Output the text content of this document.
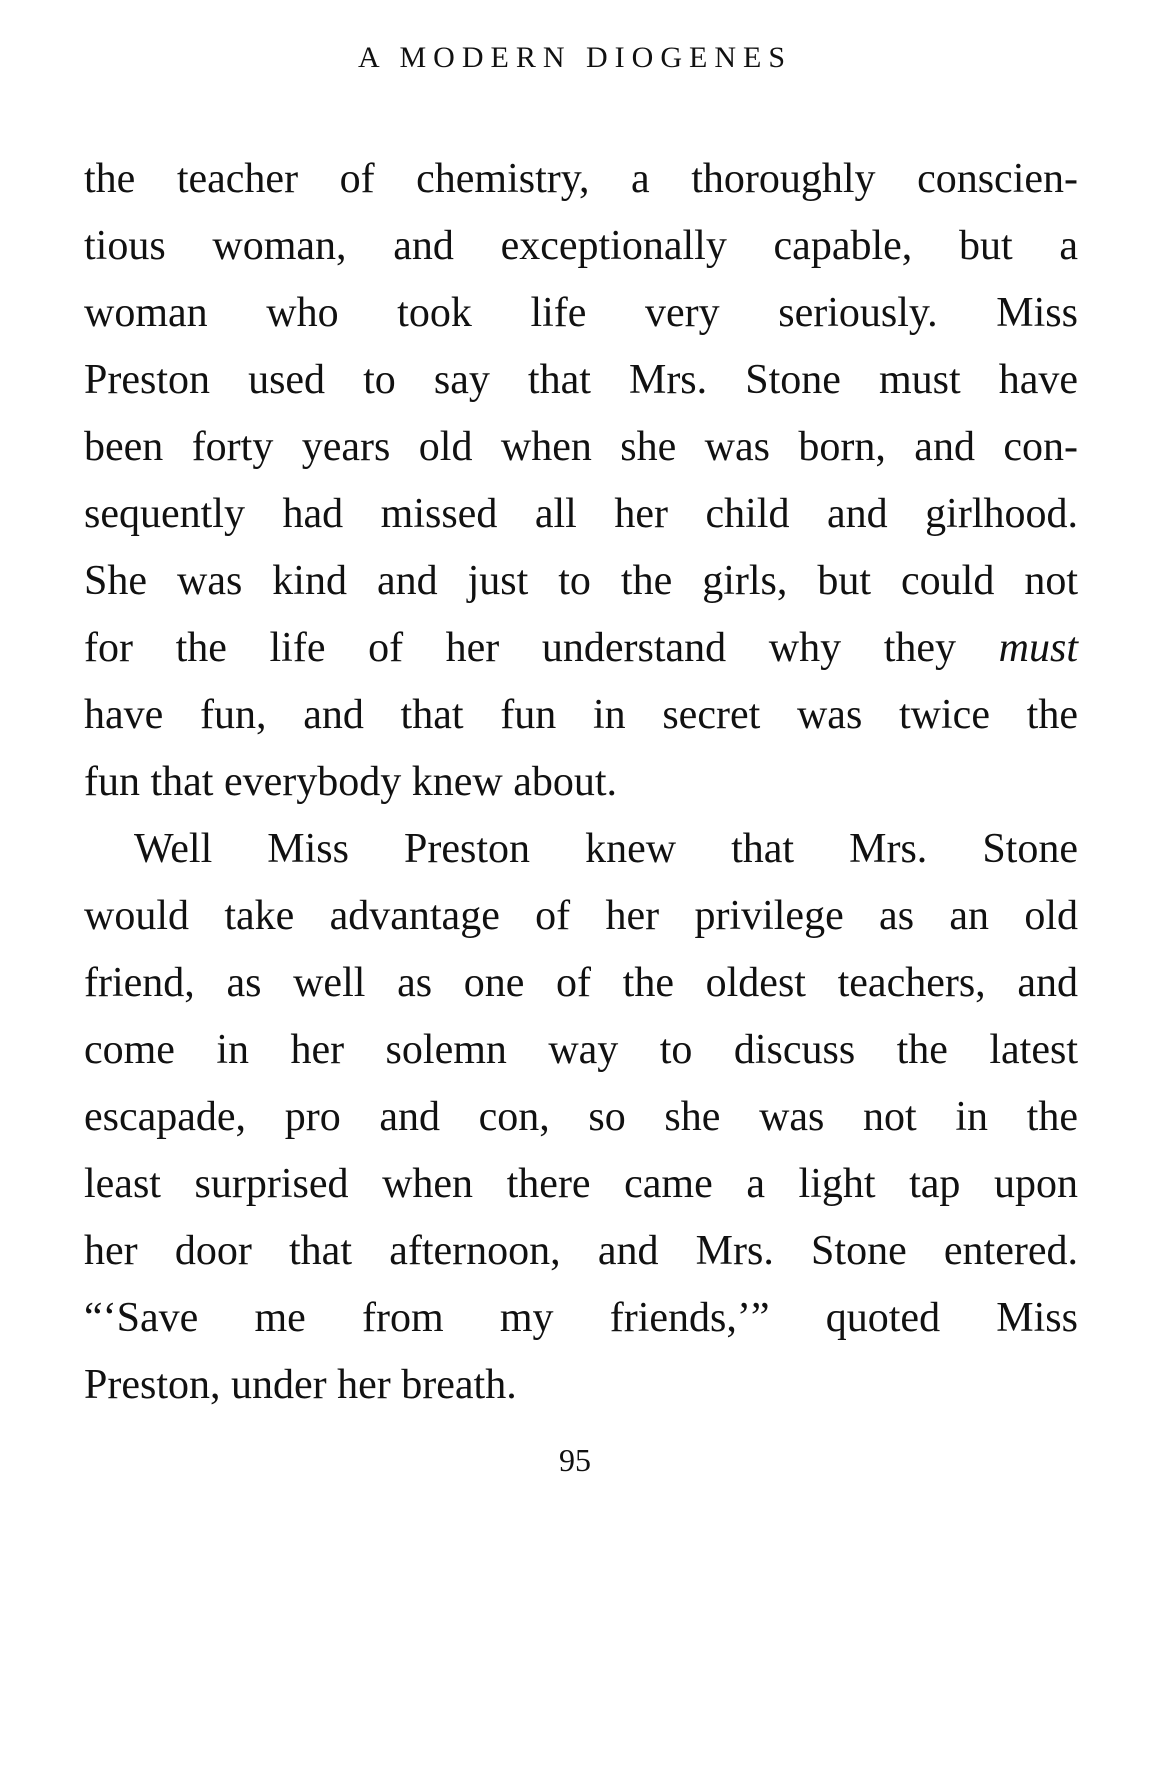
A MODERN DIOGENES
the teacher of chemistry, a thoroughly conscien-
tious woman, and exceptionally capable, but a
woman who took life very seriously. Miss
Preston used to say that Mrs. Stone must have
been forty years old when she was born, and con-
sequently had missed all her child and girlhood.
She was kind and just to the girls, but could not
for the life of her understand why they must
have fun, and that fun in secret was twice the
fun that everybody knew about.
Well Miss Preston knew that Mrs. Stone
would take advantage of her privilege as an old
friend, as well as one of the oldest teachers, and
come in her solemn way to discuss the latest
escapade, pro and con, so she was not in the
least surprised when there came a light tap upon
her door that afternoon, and Mrs. Stone entered.
“‘Save me from my friends,’” quoted Miss
Preston, under her breath.
95
